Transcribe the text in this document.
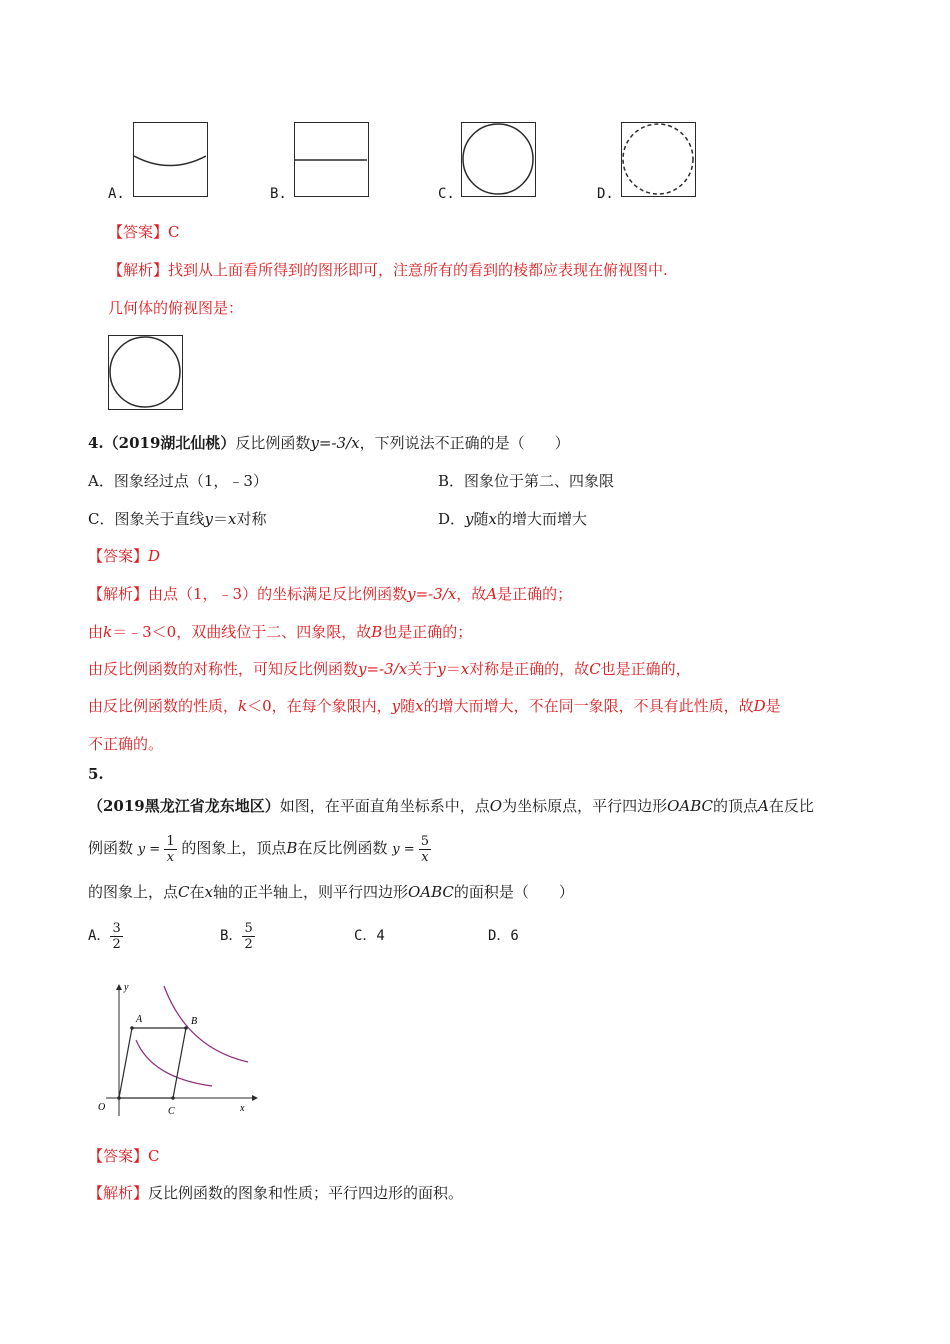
A.	B.	C.	D.
【答案】C
【解析】找到从上面看所得到的图形即可，注意所有的看到的棱都应表现在俯视图中.
几何体的俯视图是：
4.（2019湖北仙桃）反比例函数y=-3/x，下列说法不正确的是（　　）
A．图象经过点（1，﹣3）	B．图象位于第二、四象限
C．图象关于直线y＝x对称	D．y随x的增大而增大
【答案】D
【解析】由点（1，﹣3）的坐标满足反比例函数y=-3/x，故A是正确的；
由k＝﹣3＜0，双曲线位于二、四象限，故B也是正确的；
由反比例函数的对称性，可知反比例函数y=-3/x关于y＝x对称是正确的，故C也是正确的，
由反比例函数的性质，k＜0，在每个象限内，y随x的增大而增大，不在同一象限，不具有此性质，故D是
不正确的。
5.
（2019黑龙江省龙东地区）如图，在平面直角坐标系中，点O为坐标原点，平行四边形OABC的顶点A在反比
例函数 $y = \frac{1}{x}$ 的图象上，顶点B在反比例函数 $y = \frac{5}{x}$
的图象上，点C在x轴的正半轴上，则平行四边形OABC的面积是（　　）
A． $\frac{3}{2}$	B． $\frac{5}{2}$	C．4	D．6
y
x
O
A	B
C
【答案】C
【解析】反比例函数的图象和性质；平行四边形的面积。
